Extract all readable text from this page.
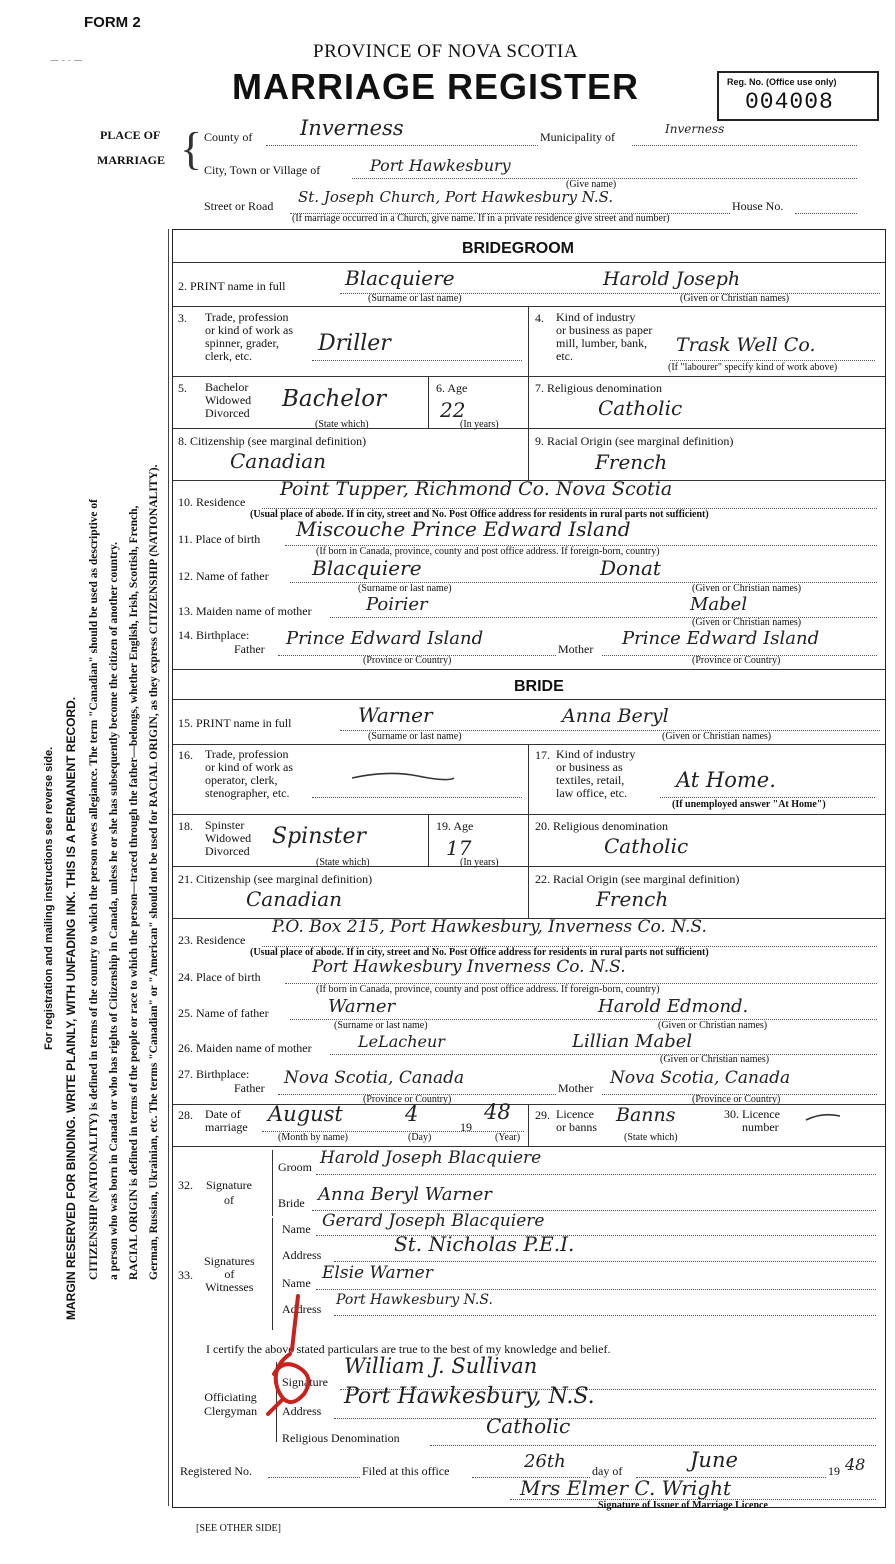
FORM 2
— - - —	PROVINCE OF NOVA SCOTIA
MARRIAGE REGISTER	Reg. No. (Office use only)
004008
PLACE OF
MARRIAGE { County of Inverness	Municipality of
Inverness
City, Town or Village of	Port Hawkesbury
(Give name)
Street or Road St. Joseph Church, Port Hawkesbury N.S.	House No.
(If marriage occurred in a Church, give name. If in a private residence give street and number)
MARGIN RESERVED FOR BINDING. WRITE PLAINLY, WITH UNFADING INK. THIS IS A PERMANENT RECORD.
For registration and mailing instructions see reverse side.	CITIZENSHIP (NATIONALITY) is defined in terms of the country to which the person owes allegiance. The term "Canadian" should be used as descriptive of a person who was born in Canada or who has rights of Citizenship in Canada, unless he or she has subsequently become the citizen of another country. RACIAL ORIGIN is defined in terms of the people or race to which the person—traced through the father—belongs, whether English, Irish, Scottish, French, German, Russian, Ukrainian, etc. The terms "Canadian" or "American" should not be used for RACIAL ORIGIN, as they express CITIZENSHIP (NATIONALITY).
BRIDEGROOM
2. PRINT name in full	Blacquiere	Harold Joseph
(Surname or last name)	(Given or Christian names)
3. Trade, profession
or kind of work as
spinner, grader,
clerk, etc.	Driller
4. Kind of industry
or business as paper
mill, lumber, bank,
etc.	Trask Well Co.
(If "labourer" specify kind of work above)
5. Bachelor
Widowed
Divorced
Bachelor
(State which)
6. Age
22
(In years)
7. Religious denomination
Catholic
8. Citizenship (see marginal definition)
Canadian
9. Racial Origin (see marginal definition)
French
10. Residence
Point Tupper, Richmond Co. Nova Scotia
(Usual place of abode. If in city, street and No. Post Office address for residents in rural parts not sufficient)
11. Place of birth Miscouche Prince Edward Island
(If born in Canada, province, county and post office address. If foreign-born, country)
12. Name of father Blacquiere	Donat
(Surname or last name)	(Given or Christian names)
13. Maiden name of mother	Poirier	Mabel
(Given or Christian names)
14. Birthplace:
Father Prince Edward Island	Mother Prince Edward Island
(Province or Country)	(Province or Country)
BRIDE
15. PRINT name in full	Warner	Anna Beryl
(Surname or last name)	(Given or Christian names)
16. Trade, profession
or kind of work as
operator, clerk,
stenographer, etc.
17. Kind of industry
or business as
textiles, retail,
law office, etc.
At Home.
(If unemployed answer "At Home")
18. Spinster
Widowed
Divorced
Spinster
(State which)
19. Age
17
(In years)
20. Religious denomination
Catholic
21. Citizenship (see marginal definition)
Canadian
22. Racial Origin (see marginal definition)
French
23. Residence
P.O. Box 215, Port Hawkesbury, Inverness Co. N.S.
(Usual place of abode. If in city, street and No. Post Office address for residents in rural parts not sufficient)
24. Place of birth	Port Hawkesbury Inverness Co. N.S.
(If born in Canada, province, county and post office address. If foreign-born, country)
25. Name of father	Warner	Harold Edmond.
(Surname or last name)	(Given or Christian names)
26. Maiden name of mother	LeLacheur	Lillian Mabel
(Given or Christian names)
27. Birthplace:
Father Nova Scotia, Canada	Mother Nova Scotia, Canada
(Province or Country)	(Province or Country)
28. Date of
marriage
August	4
19
48
(Month by name)	(Day)	(Year)
29. Licence
or banns
Banns
(State which)
30. Licence
number
32. Signature
of
Groom Harold Joseph Blacquiere
Bride Anna Beryl Warner
33.
Signatures
of
Witnesses
Name Gerard Joseph Blacquiere
Address	St. Nicholas P.E.I.
Name Elsie Warner
Address
Port Hawkesbury N.S.
I certify the above stated particulars are true to the best of my knowledge and belief.
Officiating
Clergyman
Signature
William J. Sullivan
Address
Port Hawkesbury, N.S.
Religious Denomination	Catholic
Registered No.	Filed at this office	26th day of	June	19 48
Mrs Elmer C. Wright
Signature of Issuer of Marriage Licence
[SEE OTHER SIDE]
